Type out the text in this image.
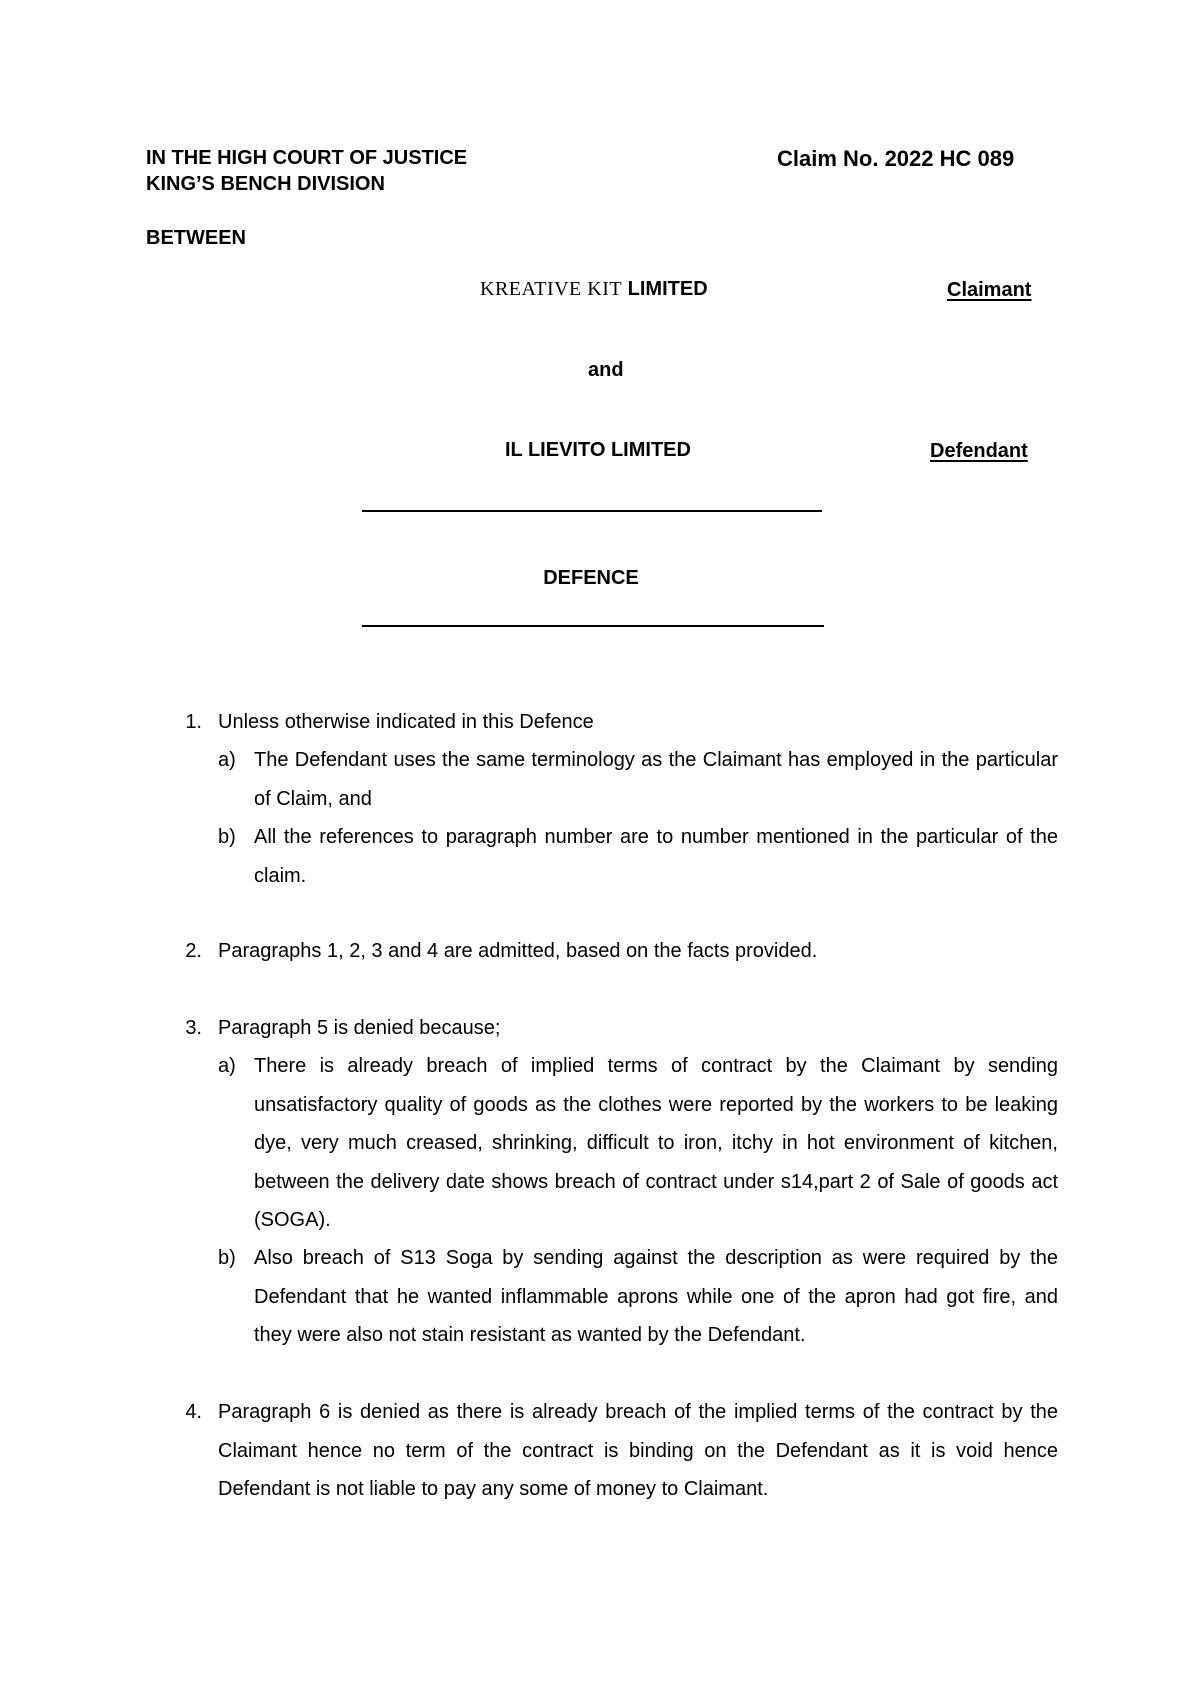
IN THE HIGH COURT OF JUSTICE
KING’S BENCH DIVISION
Claim No. 2022 HC 089
BETWEEN
KREATIVE KIT LIMITED	Claimant
and
IL LIEVITO LIMITED	Defendant
DEFENCE
1. Unless otherwise indicated in this Defence
a) The Defendant uses the same terminology as the Claimant has employed in the particular of Claim, and
b) All the references to paragraph number are to number mentioned in the particular of the claim.
2. Paragraphs 1, 2, 3 and 4 are admitted, based on the facts provided.
3. Paragraph 5 is denied because;
a) There is already breach of implied terms of contract by the Claimant by sending unsatisfactory quality of goods as the clothes were reported by the workers to be leaking dye, very much creased, shrinking, difficult to iron, itchy in hot environment of kitchen, between the delivery date shows breach of contract under s14,part 2 of Sale of goods act (SOGA).
b) Also breach of S13 Soga by sending against the description as were required by the Defendant that he wanted inflammable aprons while one of the apron had got fire, and they were also not stain resistant as wanted by the Defendant.
4. Paragraph 6 is denied as there is already breach of the implied terms of the contract by the Claimant hence no term of the contract is binding on the Defendant as it is void hence Defendant is not liable to pay any some of money to Claimant.
